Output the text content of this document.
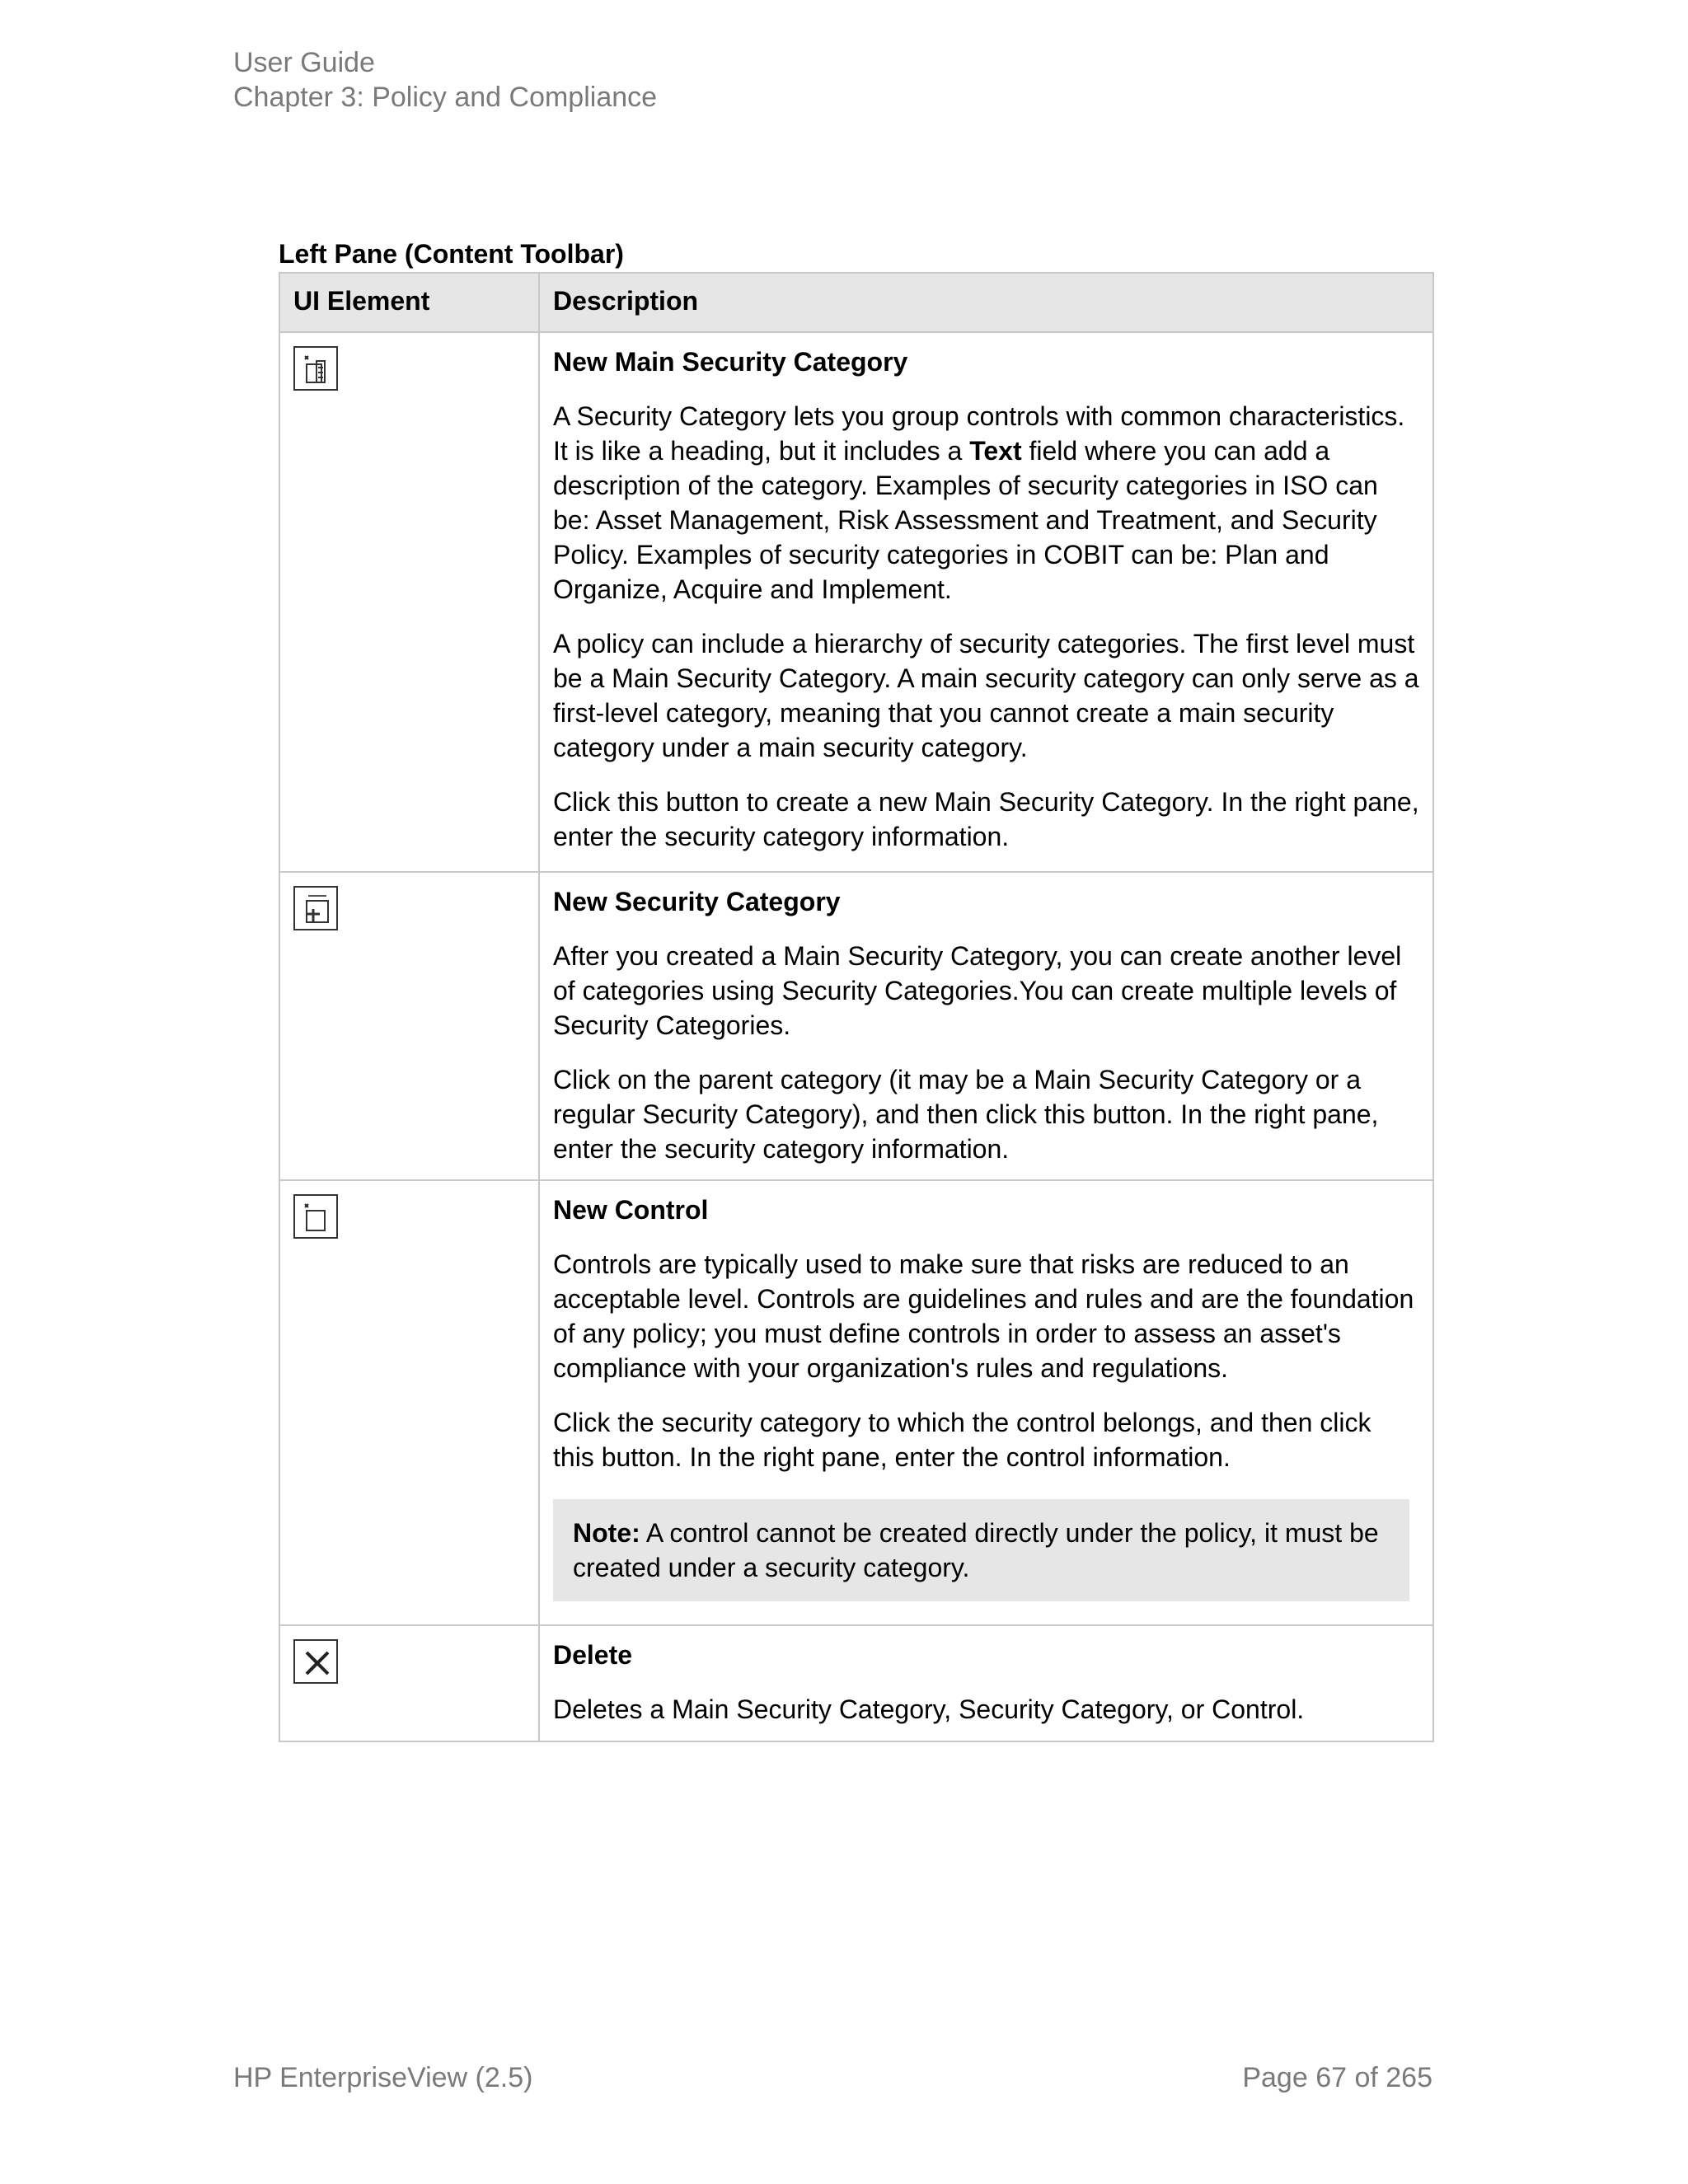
User Guide
Chapter 3: Policy and Compliance
Left Pane (Content Toolbar)
UI Element	Description

New Main Security Category
A Security Category lets you group controls with common characteristics. It is like a heading, but it includes a Text field where you can add a description of the category. Examples of security categories in ISO can be: Asset Management, Risk Assessment and Treatment, and Security Policy. Examples of security categories in COBIT can be: Plan and Organize, Acquire and Implement.
A policy can include a hierarchy of security categories. The first level must be a Main Security Category. A main security category can only serve as a first-level category, meaning that you cannot create a main security category under a main security category.
Click this button to create a new Main Security Category. In the right pane, enter the security category information.

New Security Category
After you created a Main Security Category, you can create another level of categories using Security Categories.You can create multiple levels of Security Categories.
Click on the parent category (it may be a Main Security Category or a regular Security Category), and then click this button. In the right pane, enter the security category information.

New Control
Controls are typically used to make sure that risks are reduced to an acceptable level. Controls are guidelines and rules and are the foundation of any policy; you must define controls in order to assess an asset's compliance with your organization's rules and regulations.
Click the security category to which the control belongs, and then click this button. In the right pane, enter the control information.
Note: A control cannot be created directly under the policy, it must be created under a security category.

Delete
Deletes a Main Security Category, Security Category, or Control.
HP EnterpriseView (2.5)	Page 67 of 265
